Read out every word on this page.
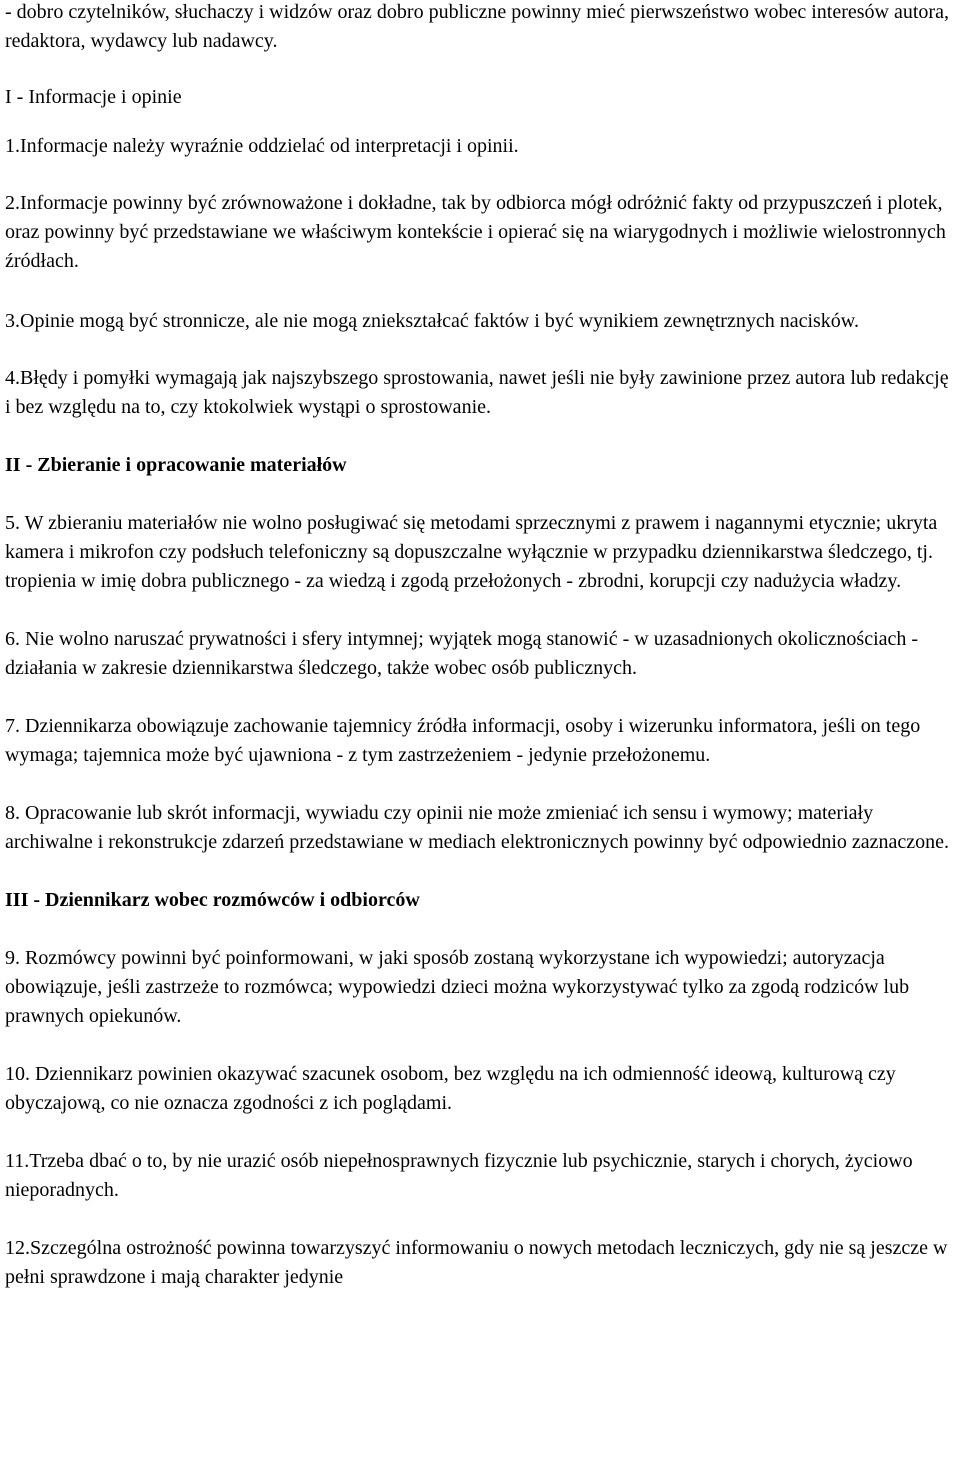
- dobro czytelników, słuchaczy i widzów oraz dobro publiczne powinny mieć pierwszeństwo wobec interesów autora, redaktora, wydawcy lub nadawcy.

I - Informacje i opinie

1.Informacje należy wyraźnie oddzielać od interpretacji i opinii.

2.Informacje powinny być zrównoważone i dokładne, tak by odbiorca mógł odróżnić fakty od przypuszczeń i plotek, oraz powinny być przedstawiane we właściwym kontekście i opierać się na wiarygodnych i możliwie wielostronnych źródłach.

3.Opinie mogą być stronnicze, ale nie mogą zniekształcać faktów i być wynikiem zewnętrznych nacisków.

4.Błędy i pomyłki wymagają jak najszybszego sprostowania, nawet jeśli nie były zawinione przez autora lub redakcję i bez względu na to, czy ktokolwiek wystąpi o sprostowanie.

II - Zbieranie i opracowanie materiałów

5. W zbieraniu materiałów nie wolno posługiwać się metodami sprzecznymi z prawem i nagannymi etycznie; ukryta kamera i mikrofon czy podsłuch telefoniczny są dopuszczalne wyłącznie w przypadku dziennikarstwa śledczego, tj. tropienia w imię dobra publicznego - za wiedzą i zgodą przełożonych - zbrodni, korupcji czy nadużycia władzy.

6. Nie wolno naruszać prywatności i sfery intymnej; wyjątek mogą stanowić - w uzasadnionych okolicznościach - działania w zakresie dziennikarstwa śledczego, także wobec osób publicznych.

7. Dziennikarza obowiązuje zachowanie tajemnicy źródła informacji, osoby i wizerunku informatora, jeśli on tego wymaga; tajemnica może być ujawniona - z tym zastrzeżeniem - jedynie przełożonemu.

8. Opracowanie lub skrót informacji, wywiadu czy opinii nie może zmieniać ich sensu i wymowy; materiały archiwalne i rekonstrukcje zdarzeń przedstawiane w mediach elektronicznych powinny być odpowiednio zaznaczone.

III - Dziennikarz wobec rozmówców i odbiorców

9. Rozmówcy powinni być poinformowani, w jaki sposób zostaną wykorzystane ich wypowiedzi; autoryzacja obowiązuje, jeśli zastrzeże to rozmówca; wypowiedzi dzieci można wykorzystywać tylko za zgodą rodziców lub prawnych opiekunów.

10. Dziennikarz powinien okazywać szacunek osobom, bez względu na ich odmienność ideową, kulturową czy obyczajową, co nie oznacza zgodności z ich poglądami.

11.Trzeba dbać o to, by nie urazić osób niepełnosprawnych fizycznie lub psychicznie, starych i chorych, życiowo nieporadnych.

12.Szczególna ostrożność powinna towarzyszyć informowaniu o nowych metodach leczniczych, gdy nie są jeszcze w pełni sprawdzone i mają charakter jedynie
